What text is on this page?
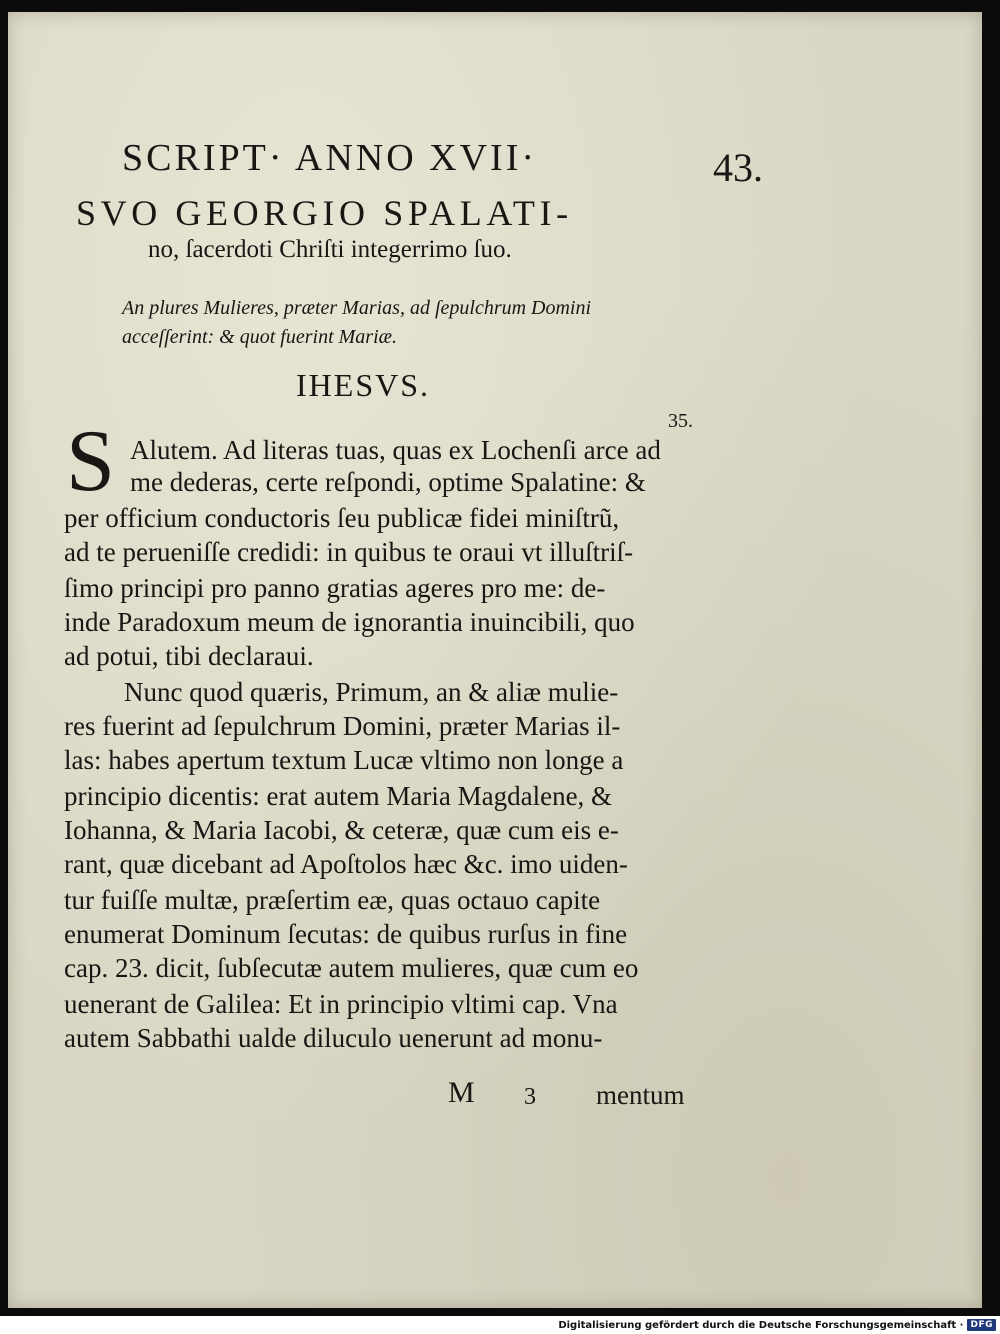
SCRIPT· ANNO XVII·	43.
SVO GEORGIO SPALATI-
no, ſacerdoti Chriſti integerrimo ſuo.
An plures Mulieres, præter Marias, ad ſepulchrum Domini
acceſſerint: & quot fuerint Mariæ.
IHESVS.
35.
S Alutem. Ad literas tuas, quas ex Lochenſi arce ad
me dederas, certe reſpondi, optime Spalatine: &
per officium conductoris ſeu publicæ fidei miniſtrũ,
ad te perueniſſe credidi: in quibus te oraui vt illuſtriſ-
ſimo principi pro panno gratias ageres pro me: de-
inde Paradoxum meum de ignorantia inuincibili, quo
ad potui, tibi declaraui.
Nunc quod quæris, Primum, an & aliæ mulie-
res fuerint ad ſepulchrum Domini, præter Marias il-
las: habes apertum textum Lucæ vltimo non longe a
principio dicentis: erat autem Maria Magdalene, &
Iohanna, & Maria Iacobi, & ceteræ, quæ cum eis e-
rant, quæ dicebant ad Apoſtolos hæc &c. imo uiden-
tur fuiſſe multæ, præſertim eæ, quas octauo capite
enumerat Dominum ſecutas: de quibus rurſus in fine
cap. 23. dicit, ſubſecutæ autem mulieres, quæ cum eo
uenerant de Galilea: Et in principio vltimi cap. Vna
autem Sabbathi ualde diluculo uenerunt ad monu-
M 3 mentum
Digitalisierung gefördert durch die Deutsche Forschungsgemeinschaft · DFG
